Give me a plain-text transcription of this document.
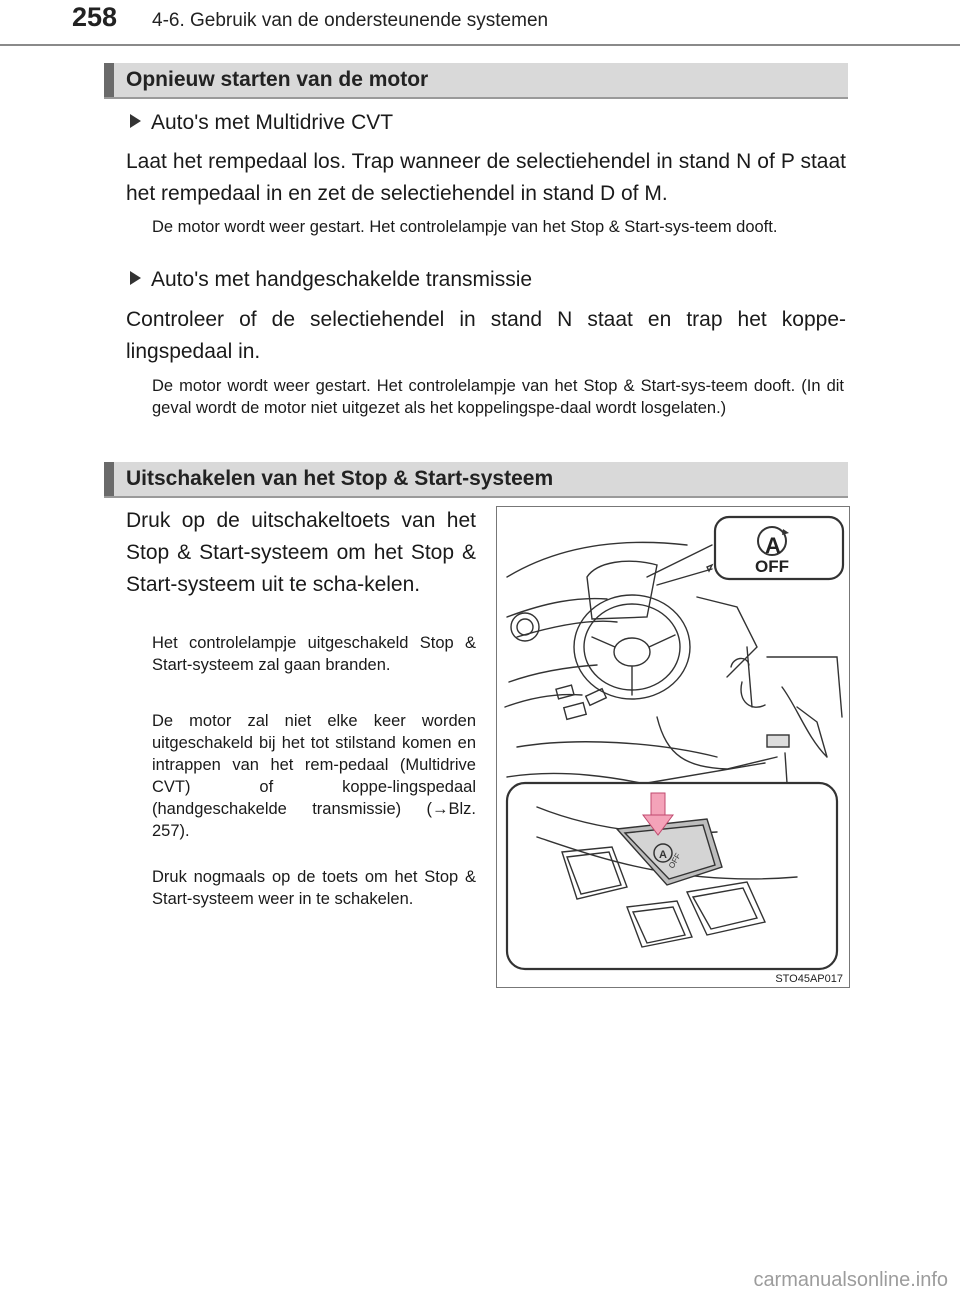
258 4-6. Gebruik van de ondersteunende systemen
Opnieuw starten van de motor
Auto's met Multidrive CVT
Laat het rempedaal los. Trap wanneer de selectiehendel in stand N of P staat het rempedaal in en zet de selectiehendel in stand D of M.
De motor wordt weer gestart. Het controlelampje van het Stop & Start-sys-teem dooft.
Auto's met handgeschakelde transmissie
Controleer of de selectiehendel in stand N staat en trap het koppe-lingspedaal in.
De motor wordt weer gestart. Het controlelampje van het Stop & Start-sys-teem dooft. (In dit geval wordt de motor niet uitgezet als het koppelingspe-daal wordt losgelaten.)
Uitschakelen van het Stop & Start-systeem
Druk op de uitschakeltoets van het Stop & Start-systeem om het Stop & Start-systeem uit te scha-kelen.
Het controlelampje uitgeschakeld Stop & Start-systeem zal gaan branden.
De motor zal niet elke keer worden uitgeschakeld bij het tot stilstand komen en intrappen van het rem-pedaal (Multidrive CVT) of koppe-lingspedaal (handgeschakelde transmissie) (→Blz. 257).
Druk nogmaals op de toets om het Stop & Start-systeem weer in te schakelen.
A OFF
A
OFF
STO45AP017
carmanualsonline.info
